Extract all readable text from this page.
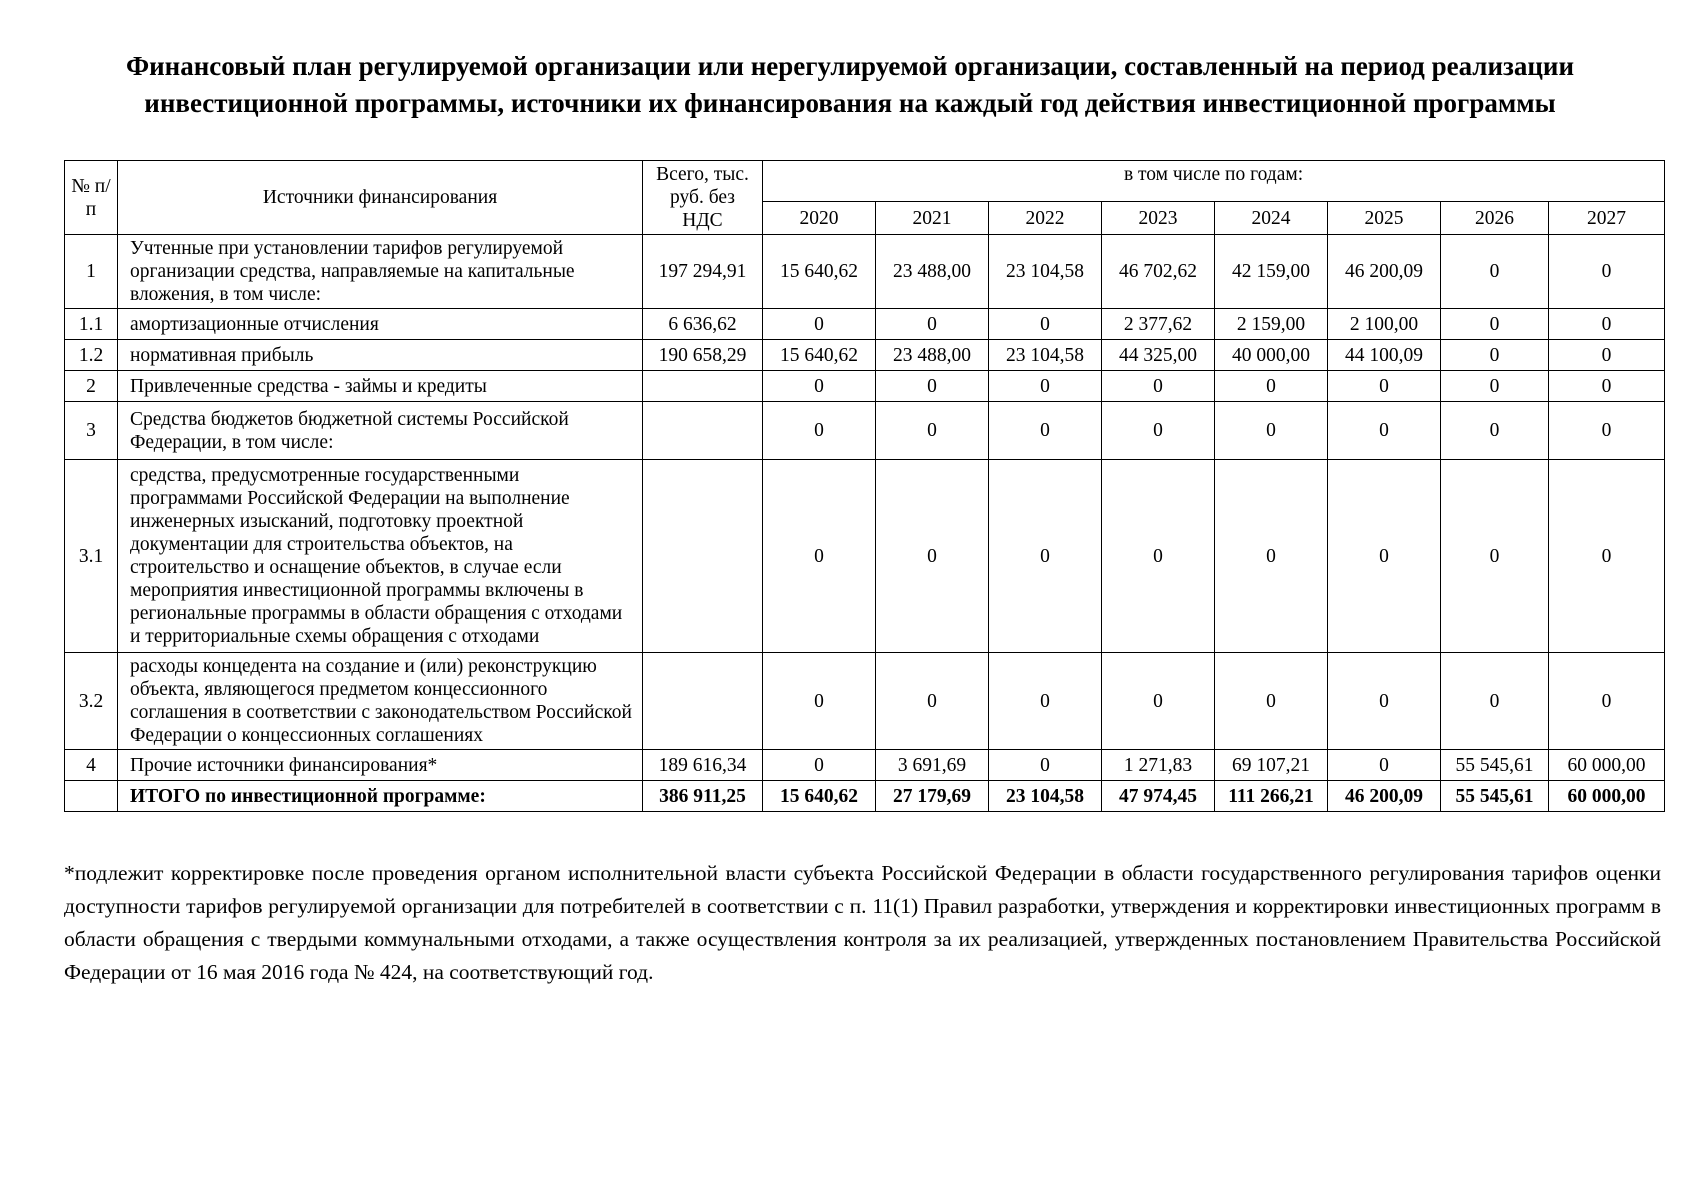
Финансовый план регулируемой организации или нерегулируемой организации, составленный на период реализации инвестиционной программы, источники их финансирования на каждый год действия инвестиционной программы
№ п/п	Источники финансирования	Всего, тыс. руб. без НДС	в том числе по годам:							
			2020	2021	2022	2023	2024	2025	2026	2027
1	Учтенные при установлении тарифов регулируемой организации средства, направляемые на капитальные вложения, в том числе:	197 294,91	15 640,62	23 488,00	23 104,58	46 702,62	42 159,00	46 200,09	0	0
1.1	амортизационные отчисления	6 636,62	0	0	0	2 377,62	2 159,00	2 100,00	0	0
1.2	нормативная прибыль	190 658,29	15 640,62	23 488,00	23 104,58	44 325,00	40 000,00	44 100,09	0	0
2	Привлеченные средства - займы и кредиты		0	0	0	0	0	0	0	0
3	Средства бюджетов бюджетной системы Российской Федерации, в том числе:		0	0	0	0	0	0	0	0
3.1	средства, предусмотренные государственными программами Российской Федерации на выполнение инженерных изысканий, подготовку проектной документации для строительства объектов, на строительство и оснащение объектов, в случае если мероприятия инвестиционной программы включены в региональные программы в области обращения с отходами и территориальные схемы обращения с отходами		0	0	0	0	0	0	0	0
3.2	расходы концедента на создание и (или) реконструкцию объекта, являющегося предметом концессионного соглашения в соответствии с законодательством Российской Федерации о концессионных соглашениях		0	0	0	0	0	0	0	0
4	Прочие источники финансирования*	189 616,34	0	3 691,69	0	1 271,83	69 107,21	0	55 545,61	60 000,00
	ИТОГО по инвестиционной программе:	386 911,25	15 640,62	27 179,69	23 104,58	47 974,45	111 266,21	46 200,09	55 545,61	60 000,00
*подлежит корректировке после проведения органом исполнительной власти субъекта Российской Федерации в области государственного регулирования тарифов оценки доступности тарифов регулируемой организации для потребителей в соответствии с п. 11(1) Правил разработки, утверждения и корректировки инвестиционных программ в области обращения с твердыми коммунальными отходами, а также осуществления контроля за их реализацией, утвержденных постановлением Правительства Российской Федерации от 16 мая 2016 года № 424, на соответствующий год.
